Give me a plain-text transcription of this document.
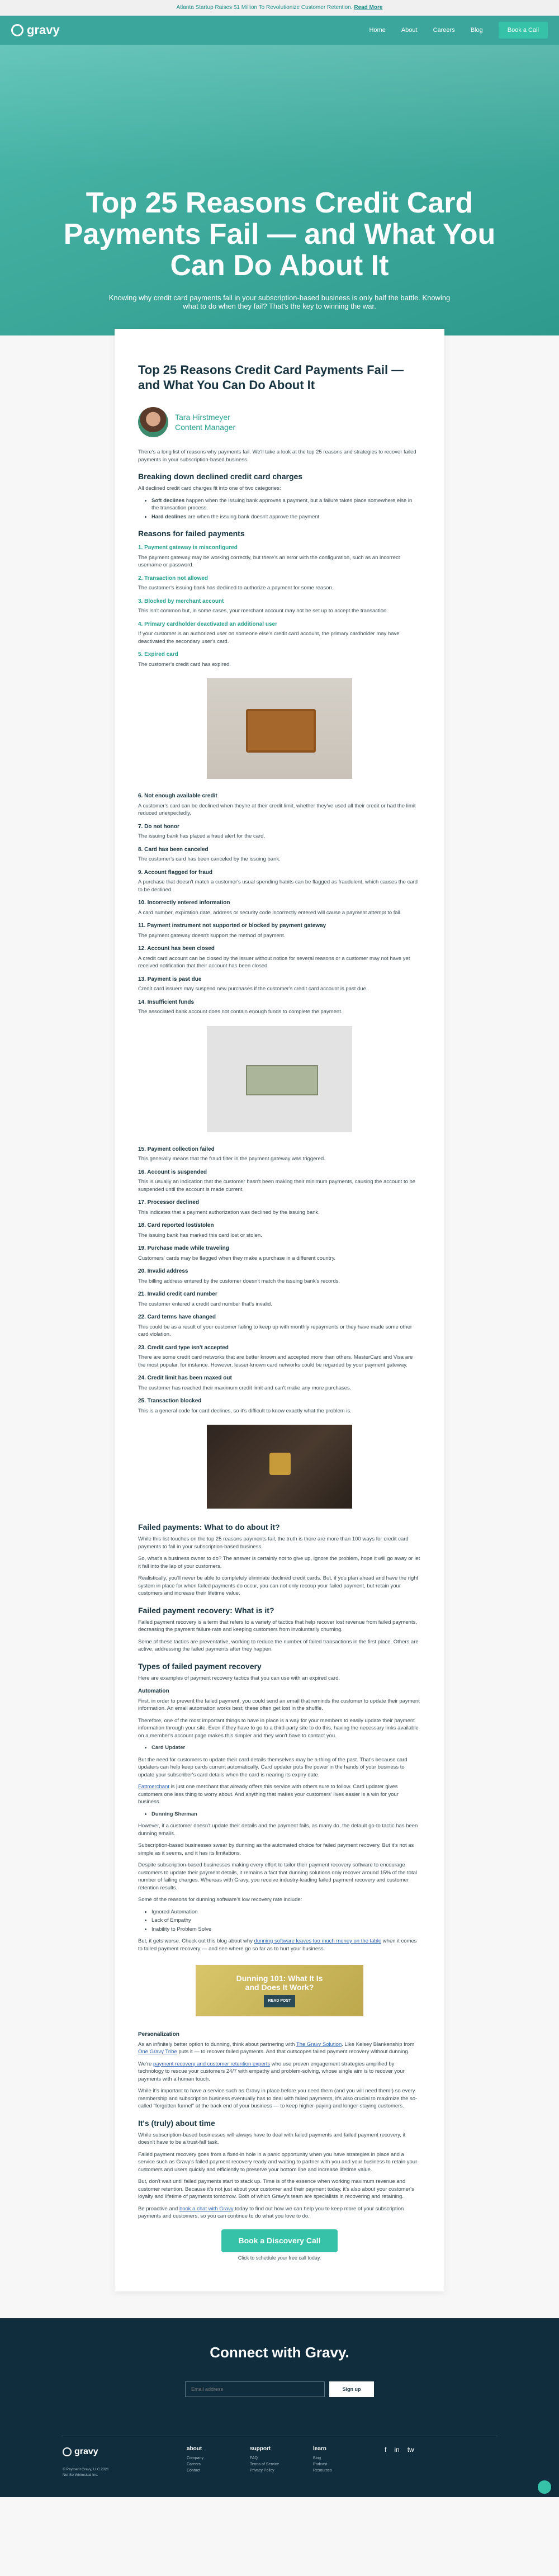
Atlanta Startup Raises $1 Million To Revolutionize Customer Retention. Read More
gravy	Home	About	Careers	Blog	Book a Call
Top 25 Reasons Credit Card Payments Fail — and What You Can Do About It

Knowing why credit card payments fail in your subscription-based business is only half the battle. Knowing what to do when they fail? That's the key to winning the war.

Top 25 Reasons Credit Card Payments Fail — and What You Can Do About It
Tara Hirstmeyer
Content Manager

There's a long list of reasons why payments fail. We'll take a look at the top 25 reasons and strategies to recover failed payments in your subscription-based business.

Breaking down declined credit card charges

All declined credit card charges fit into one of two categories:

• Soft declines happen when the issuing bank approves a payment, but a failure takes place somewhere else in the transaction process.
• Hard declines are when the issuing bank doesn't approve the payment.
Reasons for failed payments
1. Payment gateway is misconfigured

The payment gateway may be working correctly, but there's an error with the configuration, such as an incorrect username or password.

2. Transaction not allowed

The customer's issuing bank has declined to authorize a payment for some reason.

3. Blocked by merchant account

This isn't common but, in some cases, your merchant account may not be set up to accept the transaction.

4. Primary cardholder deactivated an additional user

If your customer is an authorized user on someone else's credit card account, the primary cardholder may have deactivated the secondary user's card.

5. Expired card

The customer's credit card has expired.

6. Not enough available credit

A customer's card can be declined when they're at their credit limit, whether they've used all their credit or had the limit reduced unexpectedly.

7. Do not honor

The issuing bank has placed a fraud alert for the card.

8. Card has been canceled

The customer's card has been canceled by the issuing bank.

9. Account flagged for fraud

A purchase that doesn't match a customer's usual spending habits can be flagged as fraudulent, which causes the card to be declined.

10. Incorrectly entered information

A card number, expiration date, address or security code incorrectly entered will cause a payment attempt to fail.

11. Payment instrument not supported or blocked by payment gateway

The payment gateway doesn't support the method of payment.

12. Account has been closed

A credit card account can be closed by the issuer without notice for several reasons or a customer may not have yet received notification that their account has been closed.

13. Payment is past due

Credit card issuers may suspend new purchases if the customer's credit card account is past due.

14. Insufficient funds

The associated bank account does not contain enough funds to complete the payment.

15. Payment collection failed

This generally means that the fraud filter in the payment gateway was triggered.

16. Account is suspended

This is usually an indication that the customer hasn't been making their minimum payments, causing the account to be suspended until the account is made current.

17. Processor declined

This indicates that a payment authorization was declined by the issuing bank.

18. Card reported lost/stolen

The issuing bank has marked this card lost or stolen.

19. Purchase made while traveling

Customers' cards may be flagged when they make a purchase in a different country.

20. Invalid address

The billing address entered by the customer doesn't match the issuing bank's records.

21. Invalid credit card number

The customer entered a credit card number that's invalid.

22. Card terms have changed

This could be as a result of your customer failing to keep up with monthly repayments or they have made some other card violation.

23. Credit card type isn't accepted

There are some credit card networks that are better known and accepted more than others. MasterCard and Visa are the most popular, for instance. However, lesser-known card networks could be regarded by your payment gateway.

24. Credit limit has been maxed out

The customer has reached their maximum credit limit and can't make any more purchases.

25. Transaction blocked

This is a general code for card declines, so it's difficult to know exactly what the problem is.

Failed payments: What to do about it?

While this list touches on the top 25 reasons payments fail, the truth is there are more than 100 ways for credit card payments to fail in your subscription-based business.

So, what's a business owner to do? The answer is certainly not to give up, ignore the problem, hope it will go away or let it fall into the lap of your customers.

Realistically, you'll never be able to completely eliminate declined credit cards. But, if you plan ahead and have the right system in place for when failed payments do occur, you can not only recoup your failed payment, but retain your customers and increase their lifetime value.

Failed payment recovery: What is it?

Failed payment recovery is a term that refers to a variety of tactics that help recover lost revenue from failed payments, decreasing the payment failure rate and keeping customers from involuntarily churning.

Some of these tactics are preventative, working to reduce the number of failed transactions in the first place. Others are active, addressing the failed payments after they happen.

Types of failed payment recovery

Here are examples of payment recovery tactics that you can use with an expired card.

Automation

First, in order to prevent the failed payment, you could send an email that reminds the customer to update their payment information. An email automation works best; these often get lost in the shuffle.

Therefore, one of the most important things to have in place is a way for your members to easily update their payment information through your site. Even if they have to go to a third-party site to do this, having the necessary links available on a member's account page makes this simpler and they won't have to contact you.

• Card Updater

But the need for customers to update their card details themselves may be a thing of the past. That's because card updaters can help keep cards current automatically. Card updater puts the power in the hands of your business to update your subscriber's card details when the card is nearing its expiry date.

Fattmerchant is just one merchant that already offers this service with others sure to follow. Card updater gives customers one less thing to worry about. And anything that makes your customers' lives easier is a win for your business.

• Dunning Sherman

However, if a customer doesn't update their details and the payment fails, as many do, the default go-to tactic has been dunning emails.

Subscription-based businesses swear by dunning as the automated choice for failed payment recovery. But it's not as simple as it seems, and it has its limitations.

Despite subscription-based businesses making every effort to tailor their payment recovery software to encourage customers to update their payment details, it remains a fact that dunning solutions only recover around 15% of the total number of failing charges. Whereas with Gravy, you receive industry-leading failed payment recovery and customer retention results.

Some of the reasons for dunning software's low recovery rate include:

• Ignored Automation
• Lack of Empathy
• Inability to Problem Solve

But, it gets worse. Check out this blog about why dunning software leaves too much money on the table when it comes to failed payment recovery — and see where go so far as to hurt your business.

Dunning 101: What It Is
and Does It Work?
READ POST
Personalization

As an infinitely better option to dunning, think about partnering with The Gravy Solution. Like Kelsey Blankenship from One Gravy Tribe puts it — to recover failed payments. And that outscopes failed payment recovery without dunning.

We're payment recovery and customer retention experts who use proven engagement strategies amplified by technology to rescue your customers 24/7 with empathy and problem-solving, whose single aim is to recover your payments with a human touch.

While it's important to have a service such as Gravy in place before you need them (and you will need them!) so every membership and subscription business eventually has to deal with failed payments, it's also crucial to maximize the so-called "forgotten funnel" at the back end of your business — to keep higher-paying and longer-staying customers.

It's (truly) about time

While subscription-based businesses will always have to deal with failed payments and failed payment recovery, it doesn't have to be a trust-fall task.

Failed payment recovery goes from a fixed-in hole in a panic opportunity when you have strategies in place and a service such as Gravy's failed payment recovery ready and waiting to partner with you and your business to retain your customers and users quickly and efficiently to preserve your bottom line and increase lifetime value.

But, don't wait until failed payments start to stack up. Time is of the essence when working maximum revenue and customer retention. Because it's not just about your customer and their payment today, it's also about your customer's loyalty and lifetime of payments tomorrow. Both of which Gravy's team are specialists in recovering and retaining.

Be proactive and book a chat with Gravy today to find out how we can help you to keep more of your subscription payments and customers, so you can continue to do what you love to do.

Book a Discovery Call

Click to schedule your free call today.

Connect with Gravy.
Email address
Sign up
gravy
© Payment Gravy, LLC 2021
Not So Whimsical Inc.
about
Company
Careers
Contact
support
FAQ
Terms of Service
Privacy Policy
learn
Blog
Podcast
Resources
f in tw
